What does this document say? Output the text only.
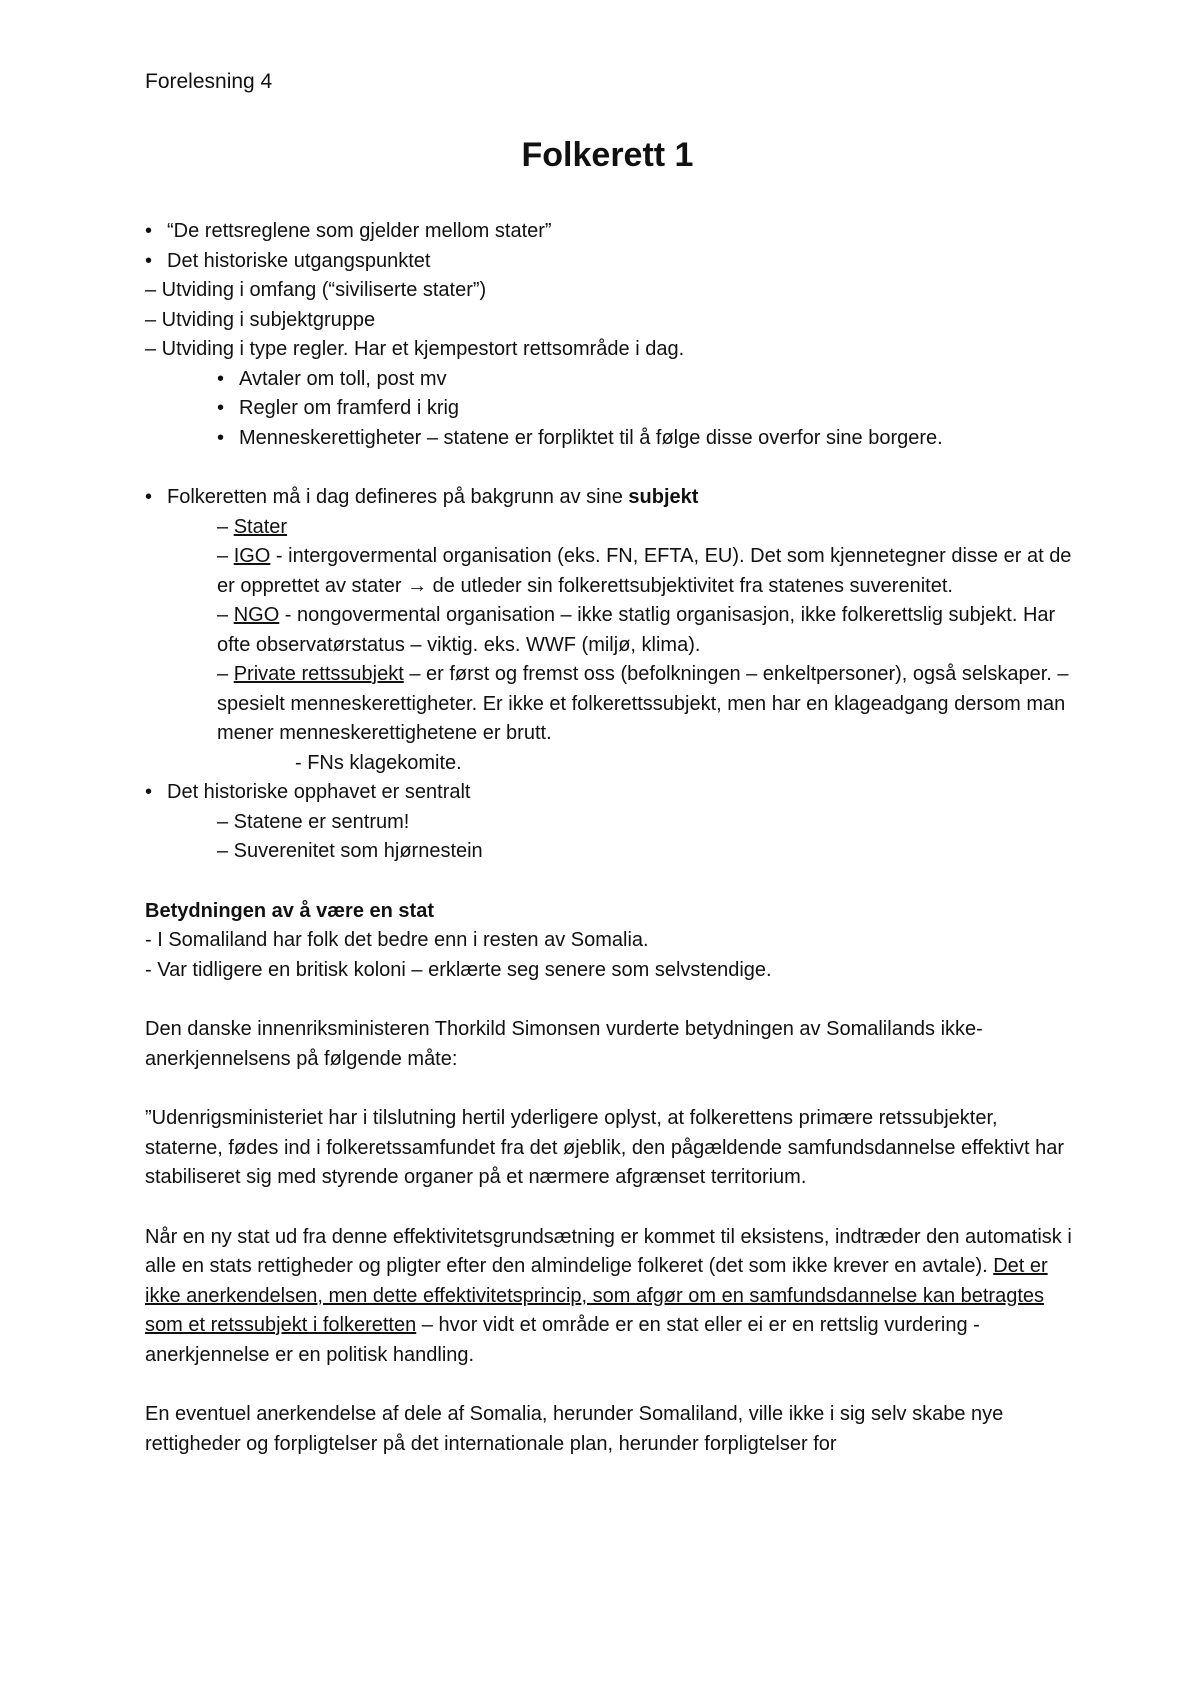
Forelesning 4
Folkerett 1
• “De rettsreglene som gjelder mellom stater”
• Det historiske utgangspunktet
– Utviding i omfang (“siviliserte stater”)
– Utviding i subjektgruppe
– Utviding i type regler. Har et kjempestort rettsområde i dag.
• Avtaler om toll, post mv
• Regler om framferd i krig
• Menneskerettigheter – statene er forpliktet til å følge disse overfor sine borgere.
• Folkeretten må i dag defineres på bakgrunn av sine subjekt
– Stater
– IGO - intergovermental organisation (eks. FN, EFTA, EU). Det som kjennetegner disse er at de er opprettet av stater → de utleder sin folkerettsubjektivitet fra statenes suverenitet.
– NGO - nongovermental organisation – ikke statlig organisasjon, ikke folkerettslig subjekt. Har ofte observatørstatus – viktig. eks. WWF (miljø, klima).
– Private rettssubjekt – er først og fremst oss (befolkningen – enkeltpersoner), også selskaper. – spesielt menneskerettigheter. Er ikke et folkerettssubjekt, men har en klageadgang dersom man mener menneskerettighetene er brutt.
- FNs klagekomite.
• Det historiske opphavet er sentralt
– Statene er sentrum!
– Suverenitet som hjørnestein
Betydningen av å være en stat
- I Somaliland har folk det bedre enn i resten av Somalia.
- Var tidligere en britisk koloni – erklærte seg senere som selvstendige.
Den danske innenriksministeren Thorkild Simonsen vurderte betydningen av Somalilands ikke-anerkjennelsens på følgende måte:
”Udenrigsministeriet har i tilslutning hertil yderligere oplyst, at folkerettens primære retssubjekter, staterne, fødes ind i folkeretssamfundet fra det øjeblik, den pågældende samfundsdannelse effektivt har stabiliseret sig med styrende organer på et nærmere afgrænset territorium.
Når en ny stat ud fra denne effektivitetsgrundsætning er kommet til eksistens, indtræder den automatisk i alle en stats rettigheder og pligter efter den almindelige folkeret (det som ikke krever en avtale). Det er ikke anerkendelsen, men dette effektivitetsprincip, som afgør om en samfundsdannelse kan betragtes som et retssubjekt i folkeretten – hvor vidt et område er en stat eller ei er en rettslig vurdering - anerkjennelse er en politisk handling.
En eventuel anerkendelse af dele af Somalia, herunder Somaliland, ville ikke i sig selv skabe nye rettigheder og forpligtelser på det internationale plan, herunder forpligtelser for
